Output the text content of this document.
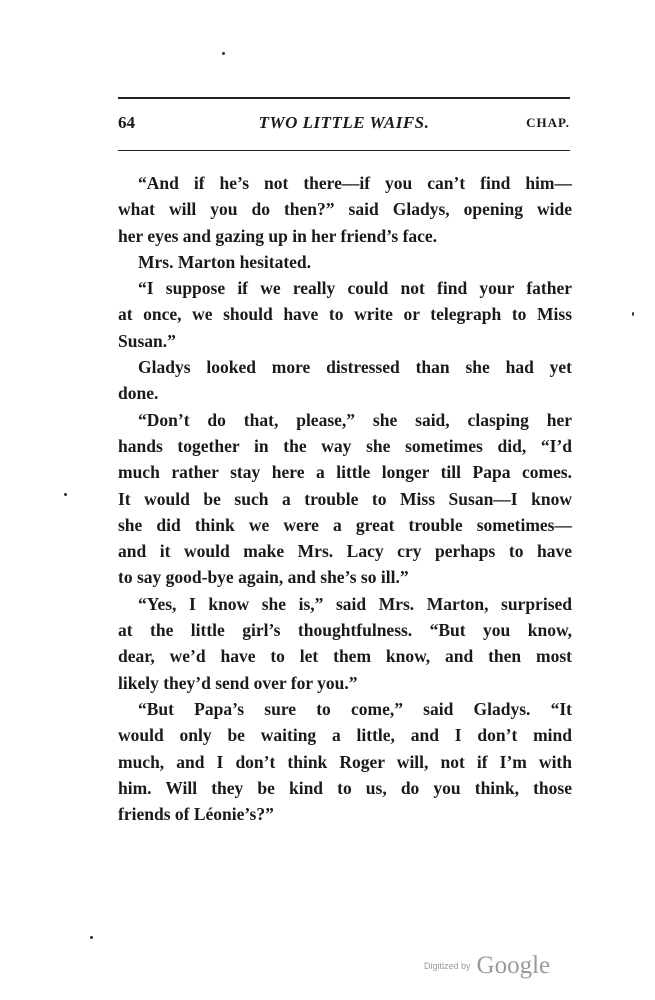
64	TWO LITTLE WAIFS.	CHAP.
“And if he’s not there—if you can’t find him—
what will you do then?” said Gladys, opening wide
her eyes and gazing up in her friend’s face.
Mrs. Marton hesitated.
“I suppose if we really could not find your father
at once, we should have to write or telegraph to Miss
Susan.”
Gladys looked more distressed than she had yet
done.
“Don’t do that, please,” she said, clasping her
hands together in the way she sometimes did, “I’d
much rather stay here a little longer till Papa comes.
It would be such a trouble to Miss Susan—I know
she did think we were a great trouble sometimes—
and it would make Mrs. Lacy cry perhaps to have
to say good-bye again, and she’s so ill.”
“Yes, I know she is,” said Mrs. Marton, surprised
at the little girl’s thoughtfulness. “But you know,
dear, we’d have to let them know, and then most
likely they’d send over for you.”
“But Papa’s sure to come,” said Gladys. “It
would only be waiting a little, and I don’t mind
much, and I don’t think Roger will, not if I’m with
him. Will they be kind to us, do you think, those
friends of Léonie’s?”
Digitized by Google
